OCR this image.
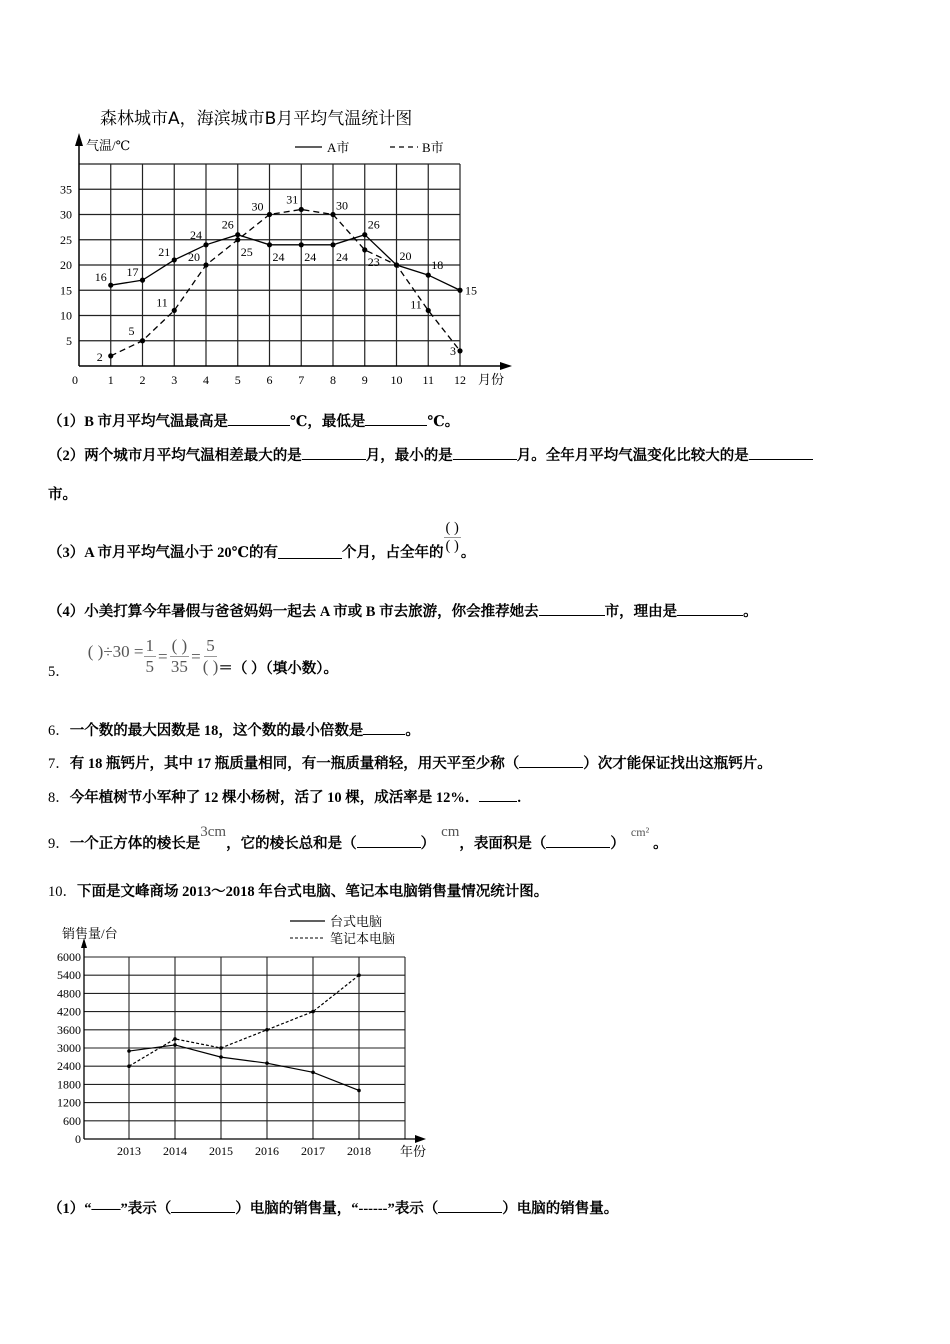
森林城市A，海滨城市B月平均气温统计图
气温/℃
0 1 2 3 4 5 6 7 8 9 10 11 12 月份
5
10
15
20
25
30
35
A市	B市
16 17
21
24
26
24 24 24
26
20
18
15
2
5
11
20	25
30
31	30
23
11
3
（1）B 市月平均气温最高是	℃，最低是	℃。
（2）两个城市月平均气温相差最大的是	月，最小的是	月。全年月平均气温变化比较大的是
市。
（3）A 市月平均气温小于 20℃的有	个月，占全年的 $\frac{( )}{( )}$ 。
（4）小美打算今年暑假与爸爸妈妈一起去 A 市或 B 市去旅游，你会推荐她去	市，理由是	。
5．
( ) $\div 30 = \frac{1}{5} = \frac{( )}{35} = \frac{5}{( )}$ ＝（ ）（填小数）。
6．一个数的最大因数是 18，这个数的最小倍数是	。
7．有 18 瓶钙片，其中 17 瓶质量相同，有一瓶质量稍轻，用天平至少称（	）次才能保证找出这瓶钙片。
8．今年植树节小军种了 12 棵小杨树，活了 10 棵，成活率是 12%．	.
9．一个正方体的棱长是3cm，它的棱长总和是（	）cm，表面积是（	）$^{cm^2}$。
10．下面是文峰商场 2013～2018 年台式电脑、笔记本电脑销售量情况统计图。
0
600
1200
1800
2400
3000
3600
4200
4800
5400
6000
销售量/台
2013 2014 2015 2016 2017 2018 年份
台式电脑
笔记本电脑
（1）“——”表示（	）电脑的销售量，“------”表示（	）电脑的销售量。
